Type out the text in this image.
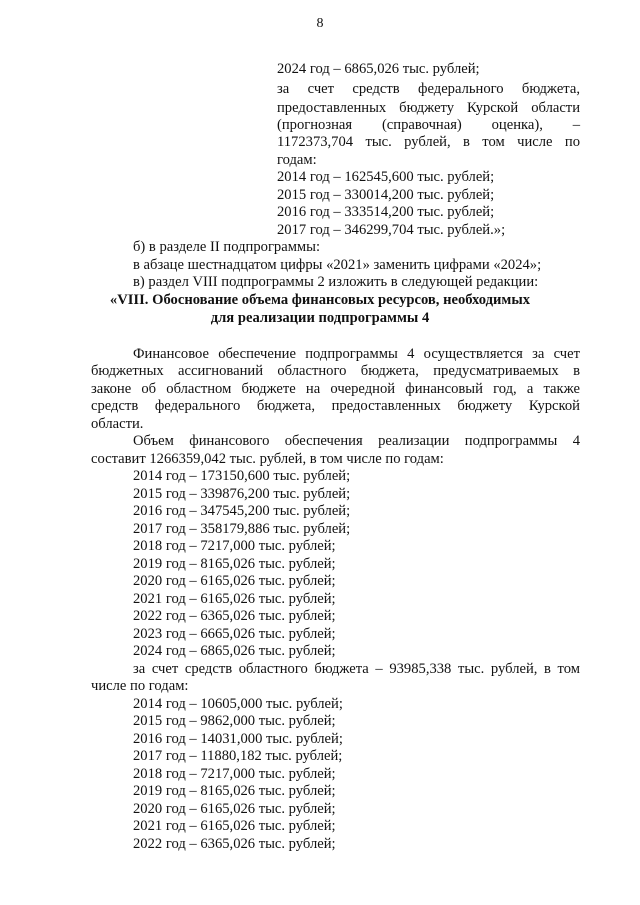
8
2024 год – 6865,026 тыс. рублей;
за счет средств федерального бюджета,
предоставленных бюджету Курской области
(прогнозная (справочная) оценка), –
1172373,704 тыс. рублей, в том числе по
годам:
2014 год – 162545,600 тыс. рублей;
2015 год – 330014,200 тыс. рублей;
2016 год – 333514,200 тыс. рублей;
2017 год – 346299,704 тыс. рублей.»;
б) в разделе II подпрограммы:
в абзаце шестнадцатом цифры «2021» заменить цифрами «2024»;
в) раздел VIII подпрограммы 2 изложить в следующей редакции:
«VIII. Обоснование объема финансовых ресурсов, необходимых
для реализации подпрограммы 4
Финансовое обеспечение подпрограммы 4 осуществляется за счет
бюджетных ассигнований областного бюджета, предусматриваемых в
законе об областном бюджете на очередной финансовый год, а также
средств федерального бюджета, предоставленных бюджету Курской
области.
Объем финансового обеспечения реализации подпрограммы 4
составит 1266359,042 тыс. рублей, в том числе по годам:
2014 год – 173150,600 тыс. рублей;
2015 год – 339876,200 тыс. рублей;
2016 год – 347545,200 тыс. рублей;
2017 год – 358179,886 тыс. рублей;
2018 год – 7217,000 тыс. рублей;
2019 год – 8165,026 тыс. рублей;
2020 год – 6165,026 тыс. рублей;
2021 год – 6165,026 тыс. рублей;
2022 год – 6365,026 тыс. рублей;
2023 год – 6665,026 тыс. рублей;
2024 год – 6865,026 тыс. рублей;
за счет средств областного бюджета – 93985,338 тыс. рублей, в том
числе по годам:
2014 год – 10605,000 тыс. рублей;
2015 год – 9862,000 тыс. рублей;
2016 год – 14031,000 тыс. рублей;
2017 год – 11880,182 тыс. рублей;
2018 год – 7217,000 тыс. рублей;
2019 год – 8165,026 тыс. рублей;
2020 год – 6165,026 тыс. рублей;
2021 год – 6165,026 тыс. рублей;
2022 год – 6365,026 тыс. рублей;
